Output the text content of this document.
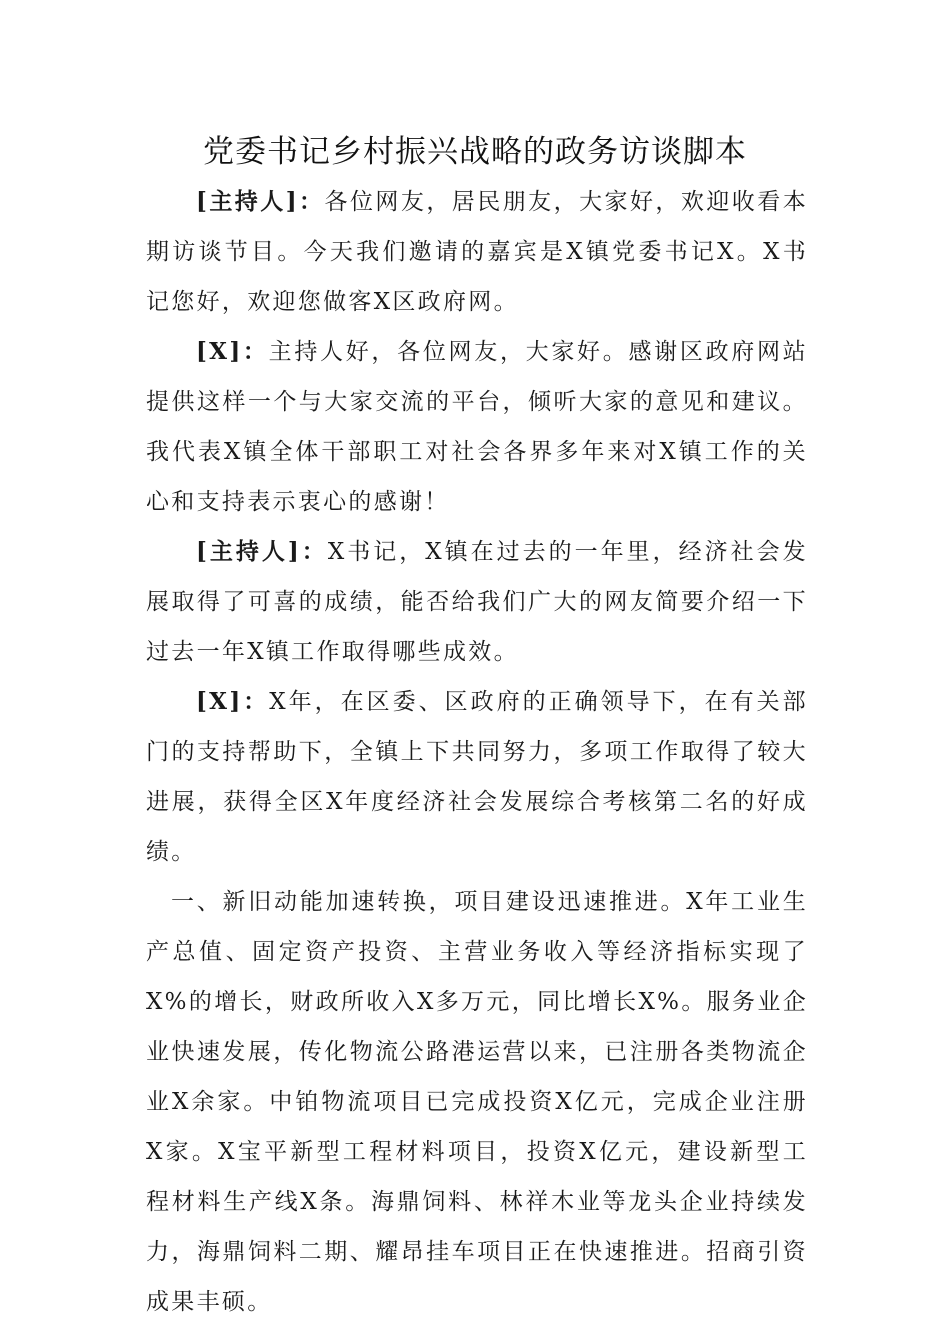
党委书记乡村振兴战略的政务访谈脚本

[主持人]：各位网友，居民朋友，大家好，欢迎收看本期访谈节目。今天我们邀请的嘉宾是X镇党委书记X。X书记您好，欢迎您做客X区政府网。

[X]：主持人好，各位网友，大家好。感谢区政府网站提供这样一个与大家交流的平台，倾听大家的意见和建议。我代表X镇全体干部职工对社会各界多年来对X镇工作的关心和支持表示衷心的感谢！

[主持人]：X书记，X镇在过去的一年里，经济社会发展取得了可喜的成绩，能否给我们广大的网友简要介绍一下过去一年X镇工作取得哪些成效。

[X]：X年，在区委、区政府的正确领导下，在有关部门的支持帮助下，全镇上下共同努力，多项工作取得了较大进展，获得全区X年度经济社会发展综合考核第二名的好成绩。

一、新旧动能加速转换，项目建设迅速推进。X年工业生产总值、固定资产投资、主营业务收入等经济指标实现了X%的增长，财政所收入X多万元，同比增长X%。服务业企业快速发展，传化物流公路港运营以来，已注册各类物流企业X余家。中铂物流项目已完成投资X亿元，完成企业注册X家。X宝平新型工程材料项目，投资X亿元，建设新型工程材料生产线X条。海鼎饲料、林祥木业等龙头企业持续发力，海鼎饲料二期、耀昂挂车项目正在快速推进。招商引资成果丰硕。
